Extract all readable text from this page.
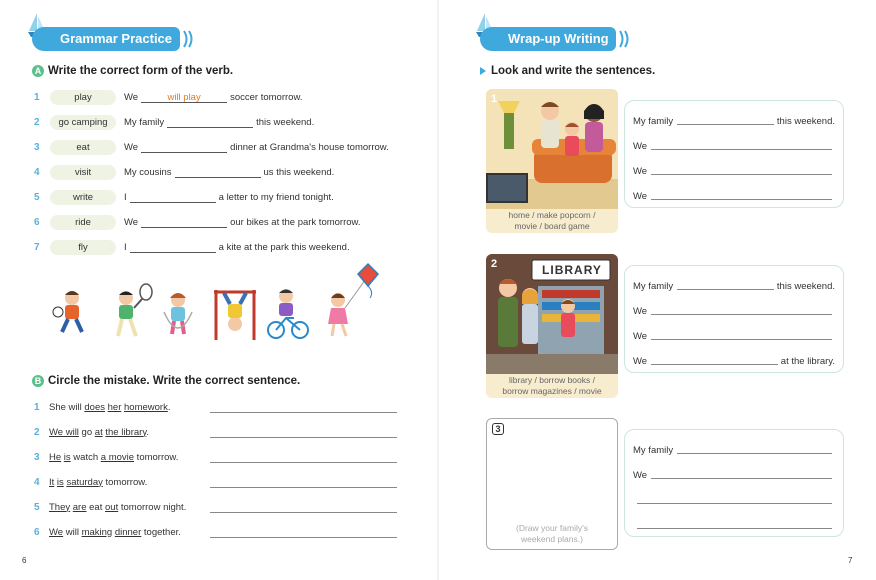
Grammar Practice
A Write the correct form of the verb.
1	play	We	will play	soccer tomorrow.
2	go camping	My family	this weekend.
3	eat	We	dinner at Grandma's house tomorrow.
4	visit	My cousins	us this weekend.
5	write	I	a letter to my friend tonight.
6	ride	We	our bikes at the park tomorrow.
7	fly	I	a kite at the park this weekend.
B Circle the mistake. Write the correct sentence.
1 She will does her homework.
2 We will go at the library.
3 He is watch a movie tomorrow.
4 It is saturday tomorrow.
5 They are eat out tomorrow night.
6 We will making dinner together.
6
Wrap-up Writing
Look and write the sentences.
1
home / make popcorn /
movie / board game
My family	this weekend.
We
We
We
2	LIBRARY
library / borrow books /
borrow magazines / movie
My family	this weekend.
We
We
We	at the library.
3
(Draw your family's
weekend plans.)
My family
We
7
